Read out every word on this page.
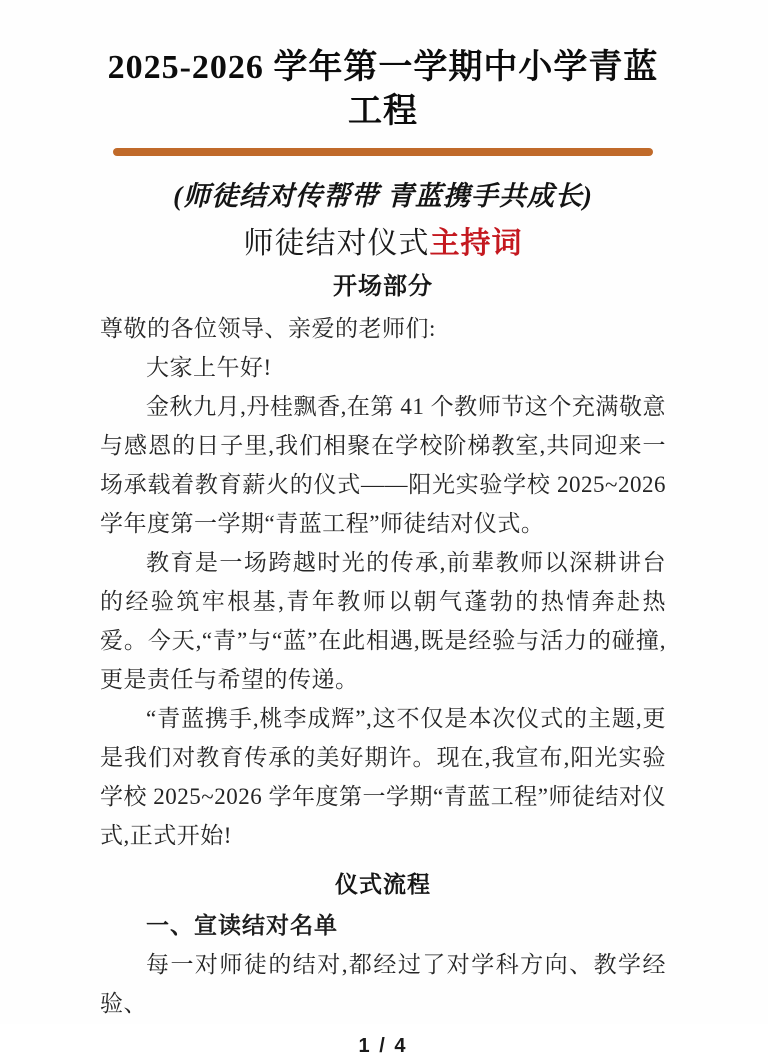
2025-2026 学年第一学期中小学青蓝工程
(师徒结对传帮带 青蓝携手共成长)
师徒结对仪式主持词
开场部分

尊敬的各位领导、亲爱的老师们:

大家上午好!

金秋九月,丹桂飘香,在第 41 个教师节这个充满敬意与感恩的日子里,我们相聚在学校阶梯教室,共同迎来一场承载着教育薪火的仪式——阳光实验学校 2025~2026 学年度第一学期“青蓝工程”师徒结对仪式。

教育是一场跨越时光的传承,前辈教师以深耕讲台的经验筑牢根基,青年教师以朝气蓬勃的热情奔赴热爱。今天,“青”与“蓝”在此相遇,既是经验与活力的碰撞,更是责任与希望的传递。

“青蓝携手,桃李成辉”,这不仅是本次仪式的主题,更是我们对教育传承的美好期许。现在,我宣布,阳光实验学校 2025~2026 学年度第一学期“青蓝工程”师徒结对仪式,正式开始!

仪式流程

一、宣读结对名单

每一对师徒的结对,都经过了对学科方向、教学经验、

1 / 4
